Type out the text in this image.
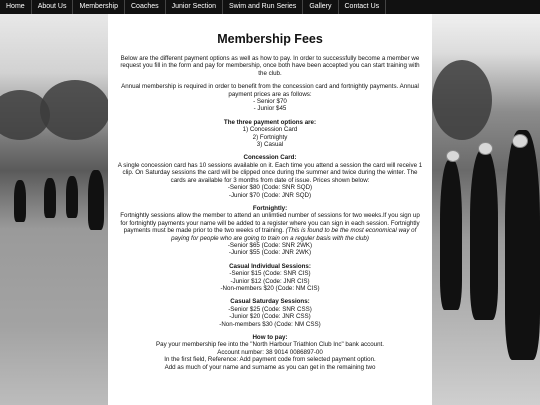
Home	About Us	Membership	Coaches	Junior Section	Swim and Run Series	Gallery	Contact Us
Membership Fees
Below are the different payment options as well as how to pay. In order to successfully become a member we request you fill in the form and pay for membership, once both have been accepted you can start training with the club.
Annual membership is required in order to benefit from the concession card and fortnightly payments. Annual payment prices are as follows:
- Senior $70
- Junior $45
The three payment options are:
1) Concession Card
2) Fortnighty
3) Casual
Concession Card:
A single concession card has 10 sessions available on it. Each time you attend a session the card will receive 1 clip. On Saturday sessions the card will be clipped once during the summer and twice during the winter. The cards are available for 3 months from date of issue. Prices shown below:
-Senior $80 (Code: SNR SQD)
-Junior $70 (Code: JNR SQD)
Fortnightly:
Fortnightly sessions allow the member to attend an unlimtied number of sessions for two weeks.If you sign up for fortnightly payments your name will be added to a register where you can sign in each session. Fortnightly payments must be made prior to the two weeks of training. (This is found to be the most economical way of paying for people who are going to train on a reguler basis with the club)
-Senior $65 (Code: SNR 2WK)
-Junior $55 (Code: JNR 2WK)
Casual Individual Sessions:
-Senior $15 (Code: SNR CIS)
-Junior $12 (Code: JNR CIS)
-Non-members $20 (Code: NM CIS)
Casual Saturday Sessions:
-Senior $25 (Code: SNR CSS)
-Junior $20 (Code: JNR CSS)
-Non-members $30 (Code: NM CSS)
How to pay:
Pay your membership fee into the "North Harbour Triathlon Club Inc" bank account.
Account number: 38 9014 0086897-00
In the first field, Reference: Add payment code from selected payment option.
Add as much of your name and surname as you can get in the remaining two
